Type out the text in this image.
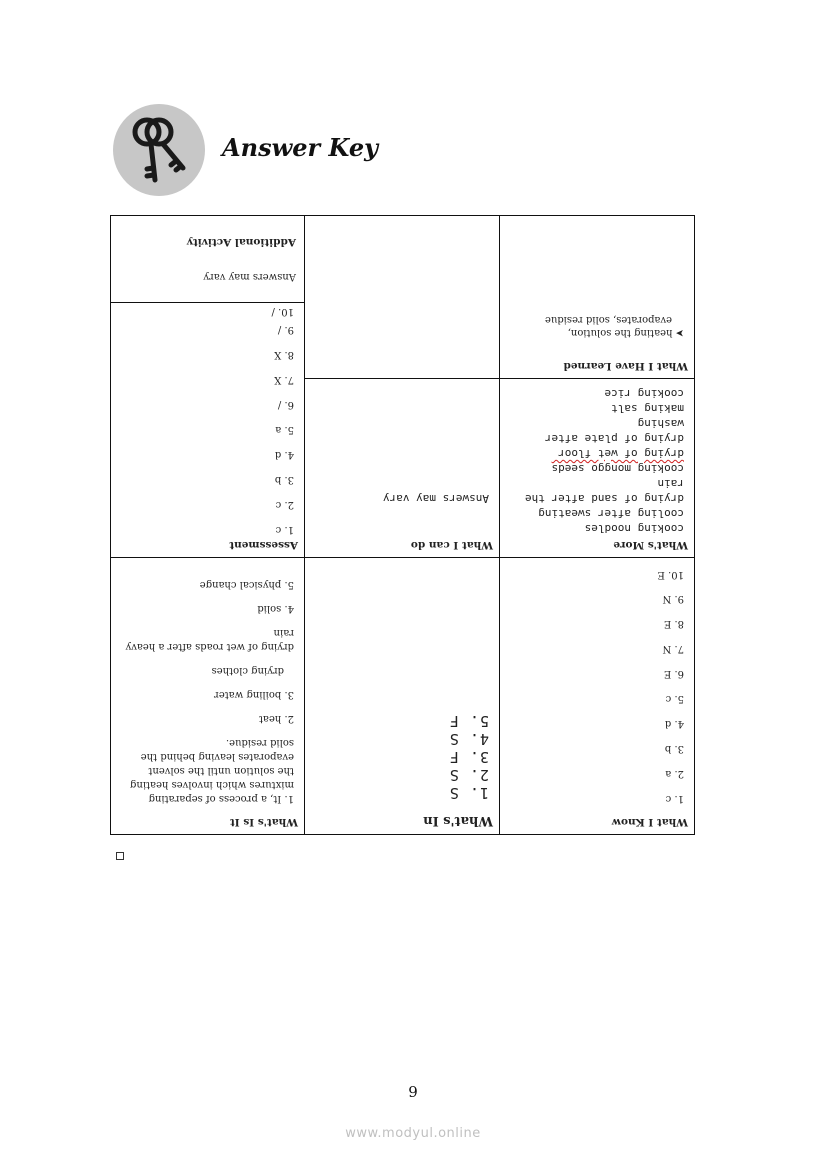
Answer Key
What I Know
1. c
2. a
3. b
4. d
5. c
6. E
7. N
8. E
9. N
10. E
What's More
cooking noodles
cooling after sweating
drying of sand after the
rain
cooking monggo seeds
drying of wet floor
drying of plate after
washing
making salt
cooking rice
What I Have Learned
➤ heating the solution,
evaporates, solid residue
What's In
1. S
2. S
3. F
4. S
5. F
What I can do
Answers may vary
What's Is It
1. It, a process of separating
mixtures which involves heating
the solution until the solvent
evaporates leaving behind the
solid residue.
2. heat
3. boiling water
drying clothes
drying of wet roads after a heavy
rain
4. solid
5. physical change
Assessment
1. c
2. c
3. b
4. d
5. a
6. /
7. X
8. X
9. /
10. /
Additional Activity
Answers may vary
9
www.modyul.online
